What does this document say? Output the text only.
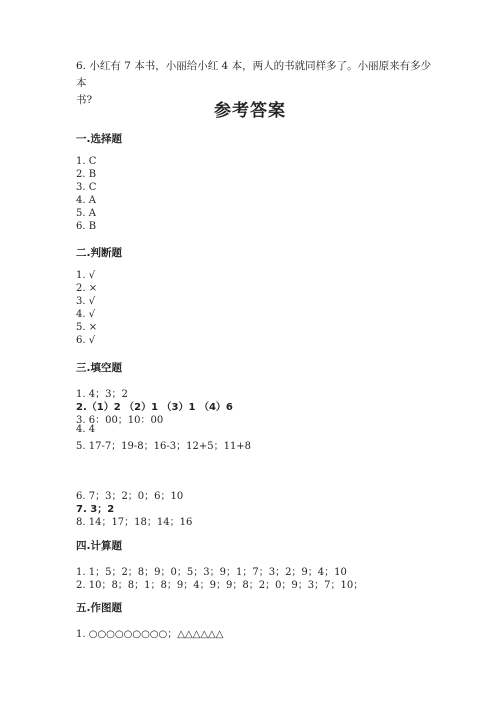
6. 小红有 7 本书，小丽给小红 4 本，两人的书就同样多了。小丽原来有多少本
书?
参考答案
一.选择题
1. C
2. B
3. C
4. A
5. A
6. B
二.判断题
1. √
2. ×
3. √
4. √
5. ×
6. √
三.填空题
1. 4；3；2
2.（1）2 （2）1 （3）1 （4）6
3. 6：00；10：00
4. 4
5. 17-7；19-8；16-3；12+5；11+8
6. 7；3；2；0；6；10
7. 3；2
8. 14；17；18；14；16
四.计算题
1. 1；5；2；8；9；0；5；3；9；1；7；3；2；9；4；10
2. 10；8；8；1；8；9；4；9；9；8；2；0；9；3；7；10；
五.作图题
1. ○○○○○○○○○；△△△△△△
